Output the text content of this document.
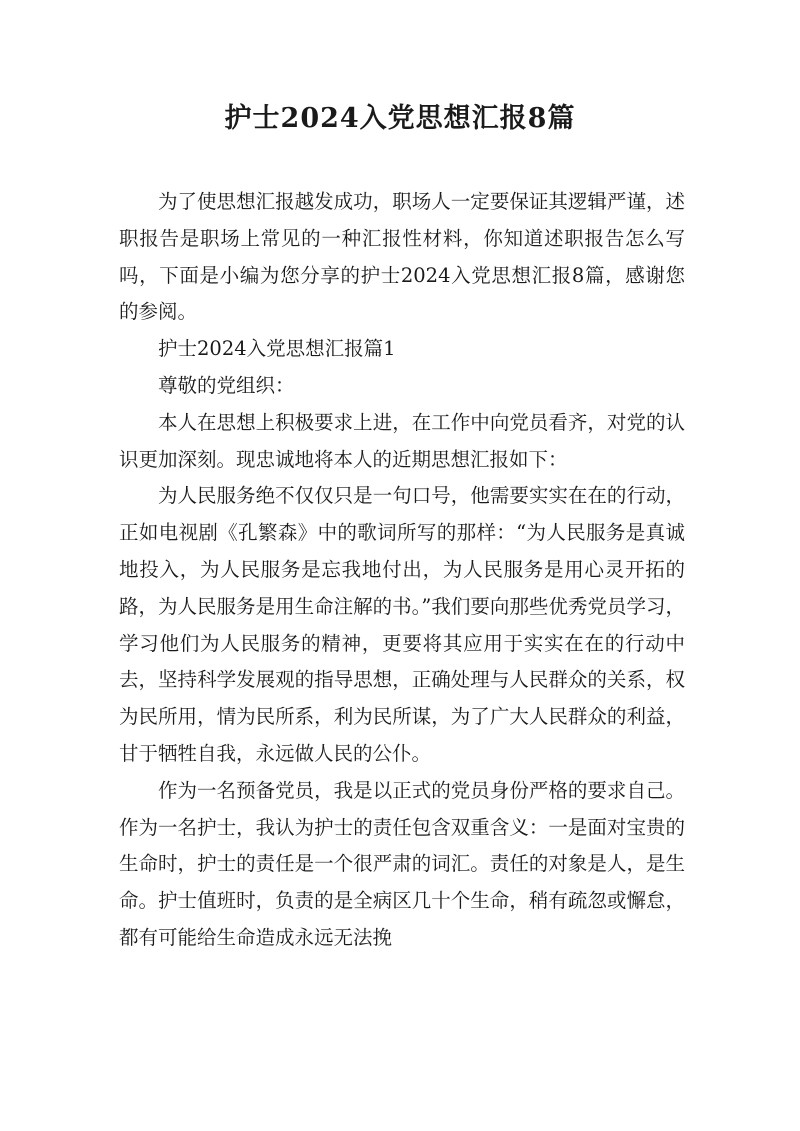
护士2024入党思想汇报8篇

为了使思想汇报越发成功，职场人一定要保证其逻辑严谨，述职报告是职场上常见的一种汇报性材料，你知道述职报告怎么写吗，下面是小编为您分享的护士2024入党思想汇报8篇，感谢您的参阅。

护士2024入党思想汇报篇1

尊敬的党组织：

本人在思想上积极要求上进，在工作中向党员看齐，对党的认识更加深刻。现忠诚地将本人的近期思想汇报如下：

为人民服务绝不仅仅只是一句口号，他需要实实在在的行动，正如电视剧《孔繁森》中的歌词所写的那样：“为人民服务是真诚地投入，为人民服务是忘我地付出，为人民服务是用心灵开拓的路，为人民服务是用生命注解的书。”我们要向那些优秀党员学习，学习他们为人民服务的精神，更要将其应用于实实在在的行动中去，坚持科学发展观的指导思想，正确处理与人民群众的关系，权为民所用，情为民所系，利为民所谋，为了广大人民群众的利益，甘于牺牲自我，永远做人民的公仆。

作为一名预备党员，我是以正式的党员身份严格的要求自己。作为一名护士，我认为护士的责任包含双重含义：一是面对宝贵的生命时，护士的责任是一个很严肃的词汇。责任的对象是人，是生命。护士值班时，负责的是全病区几十个生命，稍有疏忽或懈怠，都有可能给生命造成永远无法挽
